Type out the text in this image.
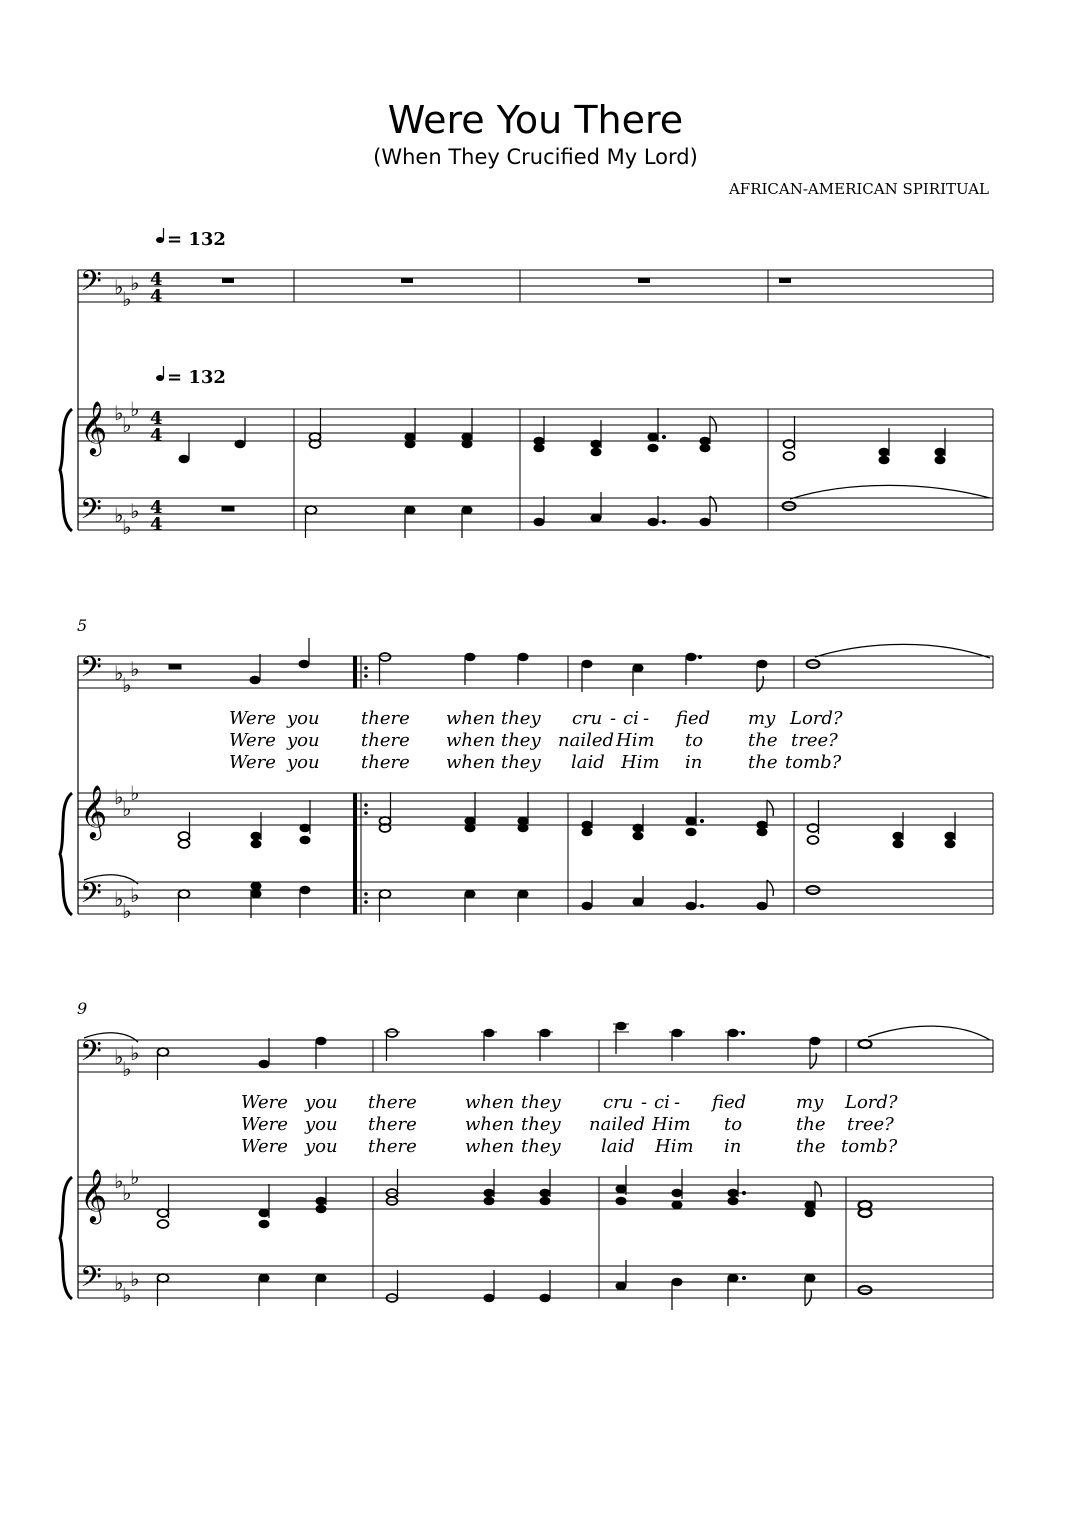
Were You There
(When They Crucified My Lord)
AFRICAN-AMERICAN SPIRITUAL
= 132
= 132
𝄢 ♭
♭
♭ 4
4
𝄞 ♭
♭
♭ 4
4
𝄢 ♭
♭
♭ 4
4
5
𝄢 ♭
♭
♭
Were you there when they cru - ci - fied my Lord?
Were you there when they nailed Him to the tree?
Were you there when they laid Him in	the tomb?
𝄞 ♭
♭
♭
𝄢 ♭
♭
♭
9
𝄢 ♭
♭
♭
Were you there	when they cru - ci - fied	my Lord?
Were you there	when they nailed Him to	the tree?
Were you there	when they laid Him in	the tomb?
𝄞 ♭
♭
♭
𝄢 ♭
♭
♭
